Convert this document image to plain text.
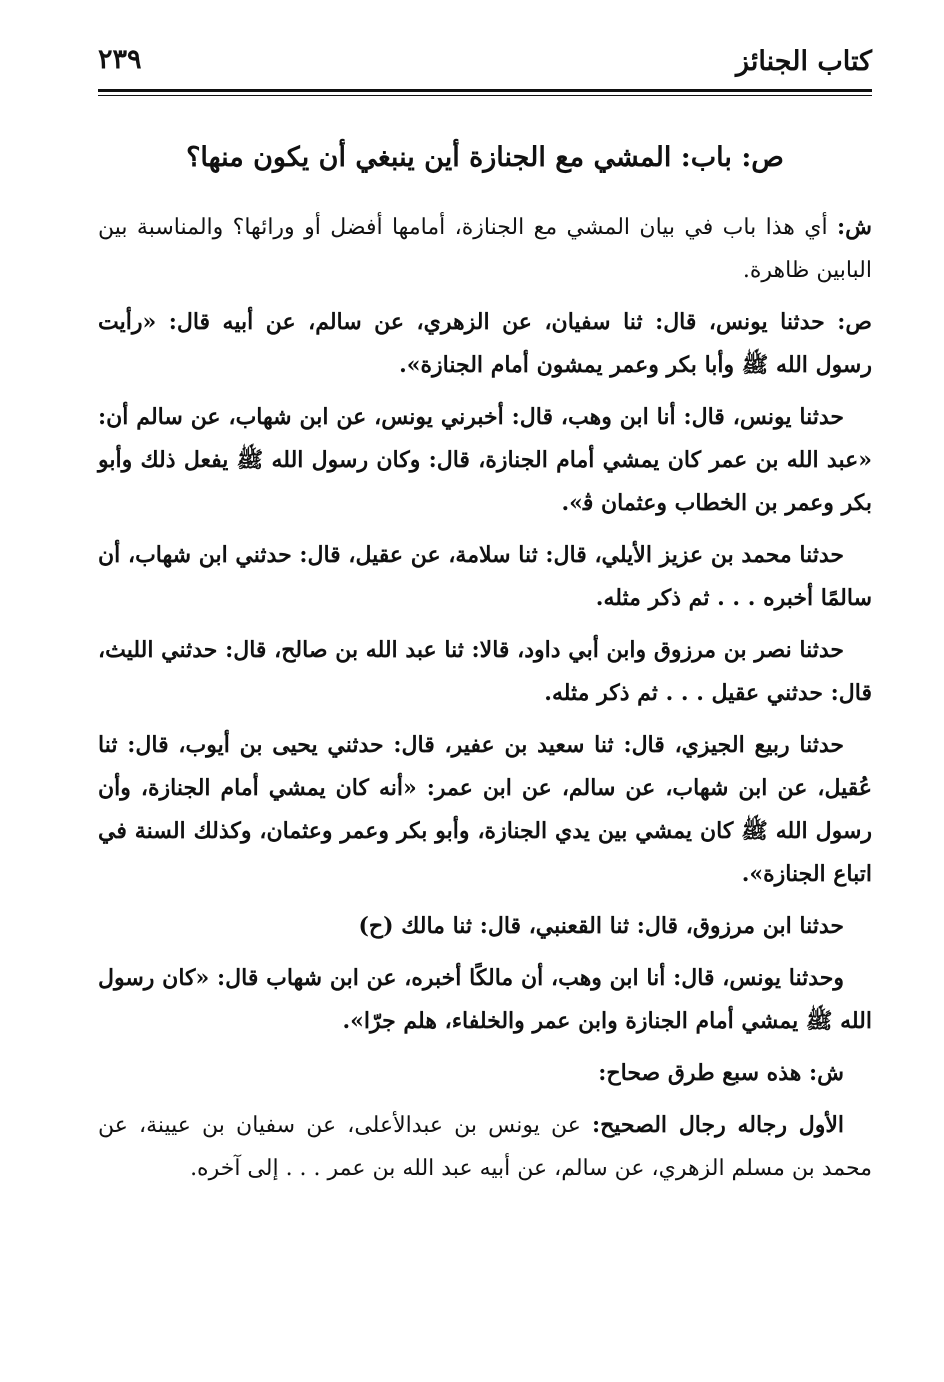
كتاب الجنائز
٢٣٩
ص: باب: المشي مع الجنازة أين ينبغي أن يكون منها؟

ش: أي هذا باب في بيان المشي مع الجنازة، أمامها أفضل أو ورائها؟ والمناسبة بين البابين ظاهرة.

ص: حدثنا يونس، قال: ثنا سفيان، عن الزهري، عن سالم، عن أبيه قال: «رأيت رسول الله ﷺ وأبا بكر وعمر يمشون أمام الجنازة».

حدثنا يونس، قال: أنا ابن وهب، قال: أخبرني يونس، عن ابن شهاب، عن سالم أن: «عبد الله بن عمر كان يمشي أمام الجنازة، قال: وكان رسول الله ﷺ يفعل ذلك وأبو بكر وعمر بن الخطاب وعثمان ﭬ».

حدثنا محمد بن عزيز الأيلي، قال: ثنا سلامة، عن عقيل، قال: حدثني ابن شهاب، أن سالمًا أخبره . . . ثم ذكر مثله.

حدثنا نصر بن مرزوق وابن أبي داود، قالا: ثنا عبد الله بن صالح، قال: حدثني الليث، قال: حدثني عقيل . . . ثم ذكر مثله.

حدثنا ربيع الجيزي، قال: ثنا سعيد بن عفير، قال: حدثني يحيى بن أيوب، قال: ثنا عُقيل، عن ابن شهاب، عن سالم، عن ابن عمر: «أنه كان يمشي أمام الجنازة، وأن رسول الله ﷺ كان يمشي بين يدي الجنازة، وأبو بكر وعمر وعثمان، وكذلك السنة في اتباع الجنازة».

حدثنا ابن مرزوق، قال: ثنا القعنبي، قال: ثنا مالك (ح)

وحدثنا يونس، قال: أنا ابن وهب، أن مالكًا أخبره، عن ابن شهاب قال: «كان رسول الله ﷺ يمشي أمام الجنازة وابن عمر والخلفاء، هلم جرّا».

ش: هذه سبع طرق صحاح:

الأول رجاله رجال الصحيح: عن يونس بن عبدالأعلى، عن سفيان بن عيينة، عن محمد بن مسلم الزهري، عن سالم، عن أبيه عبد الله بن عمر . . . إلى آخره.
